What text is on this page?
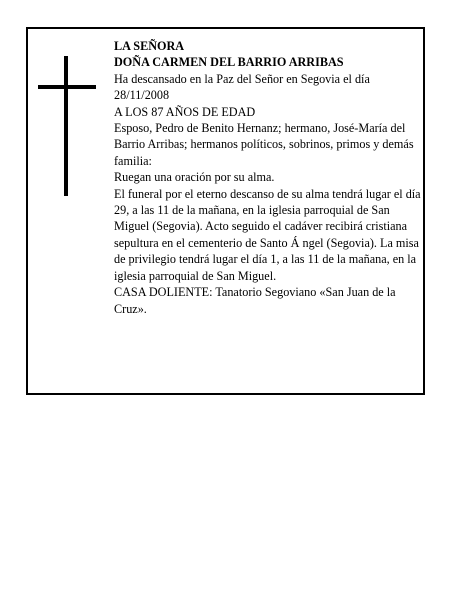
LA SEÑORA

DOÑA CARMEN DEL BARRIO ARRIBAS

Ha descansado en la Paz del Señor en Segovia el día 28/11/2008

A LOS 87 AÑOS DE EDAD

Esposo, Pedro de Benito Hernanz; hermano, José-María del Barrio Arribas; hermanos políticos, sobrinos, primos y demás familia:

Ruegan una oración por su alma.

El funeral por el eterno descanso de su alma tendrá lugar el día 29, a las 11 de la mañana, en la iglesia parroquial de San Miguel (Segovia). Acto seguido el cadáver recibirá cristiana sepultura en el cementerio de Santo Á ngel (Segovia). La misa de privilegio tendrá lugar el día 1, a las 11 de la mañana, en la iglesia parroquial de San Miguel.

CASA DOLIENTE: Tanatorio Segoviano «San Juan de la Cruz».
